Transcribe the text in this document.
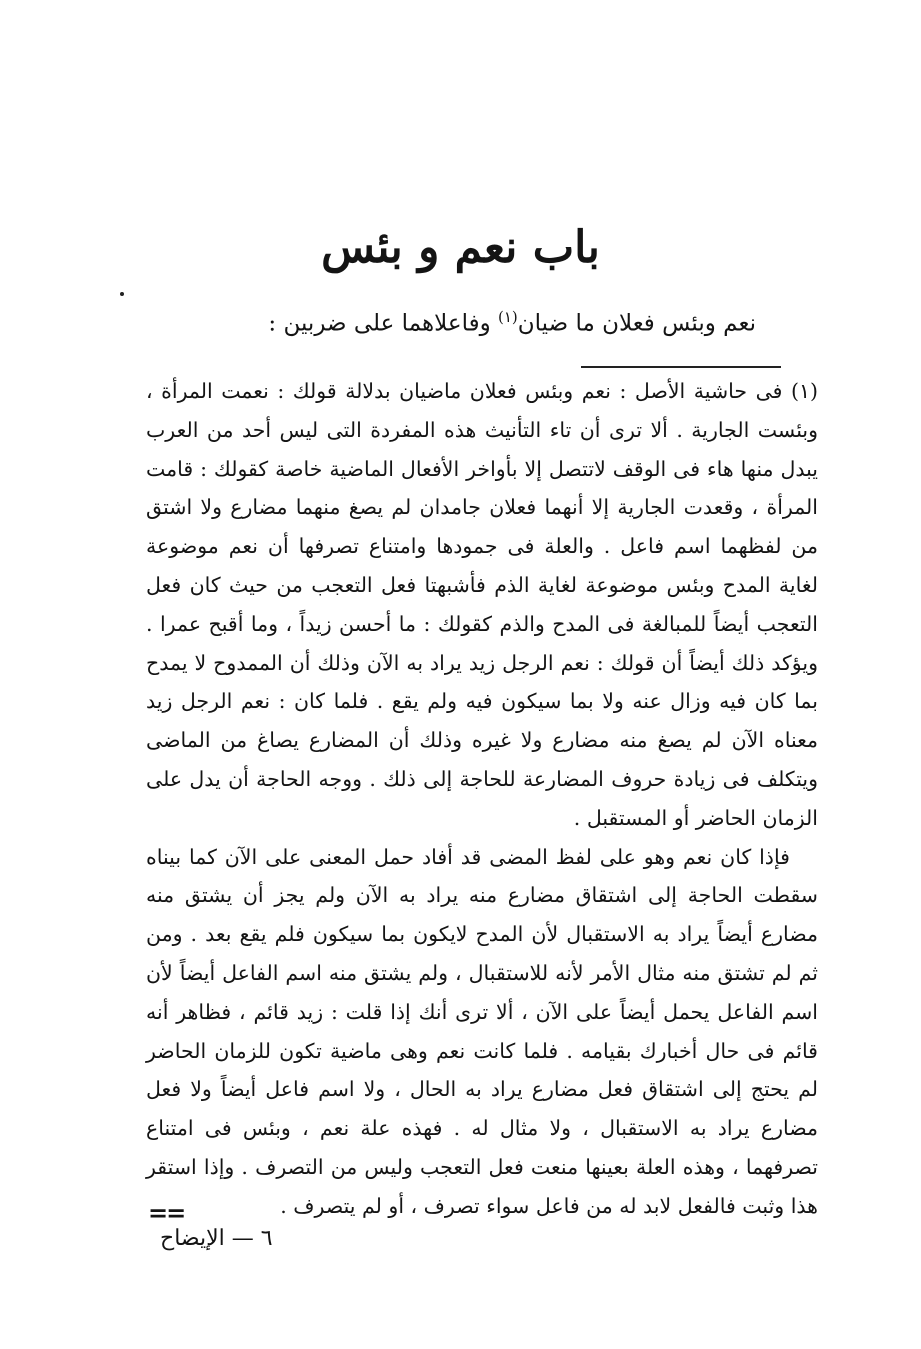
باب نعم و بئس

نعم وبئس فعلان ما ضيان$^{(١)}$ وفاعلاهما على ضربين :

(١) فى حاشية الأصل : نعم وبئس فعلان ماضيان بدلالة قولك : نعمت المرأة ، وبئست الجارية . ألا ترى أن تاء التأنيث هذه المفردة التى ليس أحد من العرب يبدل منها هاء فى الوقف لاتتصل إلا بأواخر الأفعال الماضية خاصة كقولك : قامت المرأة ، وقعدت الجارية إلا أنهما فعلان جامدان لم يصغ منهما مضارع ولا اشتق من لفظهما اسم فاعل . والعلة فى جمودها وامتناع تصرفها أن نعم موضوعة لغاية المدح وبئس موضوعة لغاية الذم فأشبهتا فعل التعجب من حيث كان فعل التعجب أيضاً للمبالغة فى المدح والذم كقولك : ما أحسن زيداً ، وما أقبح عمرا . ويؤكد ذلك أيضاً أن قولك : نعم الرجل زيد يراد به الآن وذلك أن الممدوح لا يمدح بما كان فيه وزال عنه ولا بما سيكون فيه ولم يقع . فلما كان : نعم الرجل زيد معناه الآن لم يصغ منه مضارع ولا غيره وذلك أن المضارع يصاغ من الماضى ويتكلف فى زيادة حروف المضارعة للحاجة إلى ذلك . ووجه الحاجة أن يدل على الزمان الحاضر أو المستقبل .

فإذا كان نعم وهو على لفظ المضى قد أفاد حمل المعنى على الآن كما بيناه سقطت الحاجة إلى اشتقاق مضارع منه يراد به الآن ولم يجز أن يشتق منه مضارع أيضاً يراد به الاستقبال لأن المدح لايكون بما سيكون فلم يقع بعد . ومن ثم لم تشتق منه مثال الأمر لأنه للاستقبال ، ولم يشتق منه اسم الفاعل أيضاً لأن اسم الفاعل يحمل أيضاً على الآن ، ألا ترى أنك إذا قلت : زيد قائم ، فظاهر أنه قائم فى حال أخبارك بقيامه . فلما كانت نعم وهى ماضية تكون للزمان الحاضر لم يحتج إلى اشتقاق فعل مضارع يراد به الحال ، ولا اسم فاعل أيضاً ولا فعل مضارع يراد به الاستقبال ، ولا مثال له . فهذه علة نعم ، وبئس فى امتناع تصرفهما ، وهذه العلة بعينها منعت فعل التعجب وليس من التصرف . وإذا استقر هذا وثبت فالفعل لابد له من فاعل سواء تصرف ، أو لم يتصرف .

==
٦ — الإيضاح
